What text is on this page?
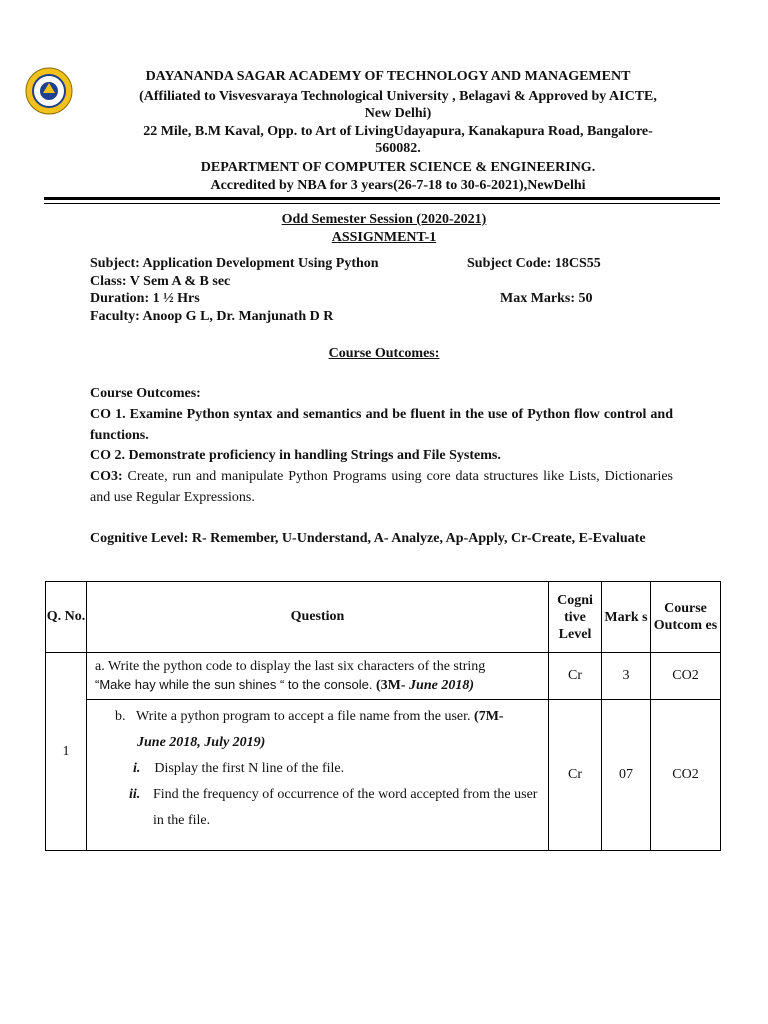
DAYANANDA SAGAR ACADEMY OF TECHNOLOGY AND MANAGEMENT
(Affiliated to Visvesvaraya Technological University , Belagavi & Approved by AICTE,
New Delhi)
22 Mile, B.M Kaval, Opp. to Art of LivingUdayapura, Kanakapura Road, Bangalore-
560082.
DEPARTMENT OF COMPUTER SCIENCE & ENGINEERING.
Accredited by NBA for 3 years(26-7-18 to 30-6-2021),NewDelhi
Odd Semester Session (2020-2021)
ASSIGNMENT-1
Subject: Application Development Using Python	Subject Code: 18CS55
Class: V Sem A & B sec
Duration: 1 ½ Hrs	Max Marks: 50
Faculty: Anoop G L, Dr. Manjunath D R
Course Outcomes:
Course Outcomes:
CO 1. Examine Python syntax and semantics and be fluent in the use of Python flow control and functions.
CO 2. Demonstrate proficiency in handling Strings and File Systems.
CO3: Create, run and manipulate Python Programs using core data structures like Lists, Dictionaries and use Regular Expressions.
Cognitive Level: R- Remember, U-Understand, A- Analyze, Ap-Apply, Cr-Create, E-Evaluate
Q. No.	Question	Cogni tive Level	Mark s	Course Outcom es
1	a. Write the python code to display the last six characters of the string
“Make hay while the sun shines “ to the console. (3M- June 2018)	Cr	3	CO2

	b. Write a python program to accept a file name from the user. (7M-
June 2018, July 2019)
i. Display the first N line of the file.
ii. Find the frequency of occurrence of the word accepted from the user in the file.	Cr	07	CO2
